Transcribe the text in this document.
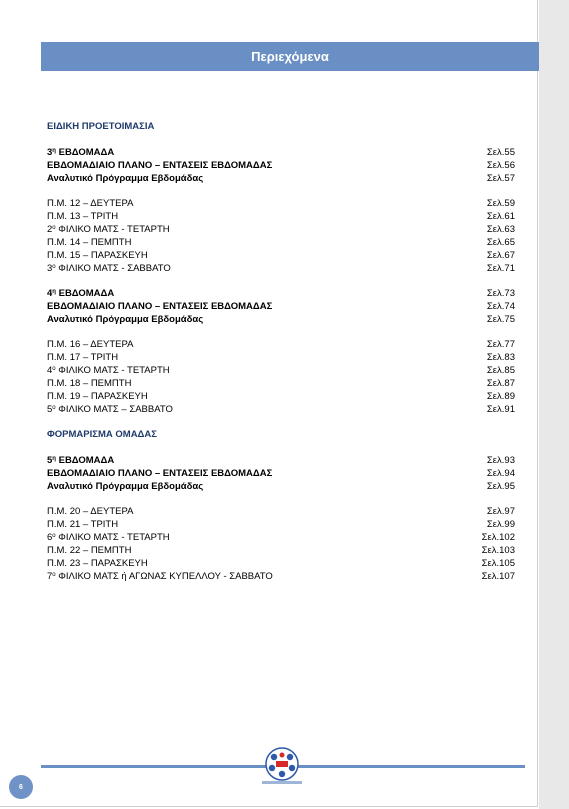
Περιεχόμενα
ΕΙΔΙΚΗ ΠΡΟΕΤΟΙΜΑΣΙΑ
$3^\eta$ ΕΒΔΟΜΑΔΑ	Σελ.55
ΕΒΔΟΜΑΔΙΑΙΟ ΠΛΑΝΟ – ΕΝΤΑΣΕΙΣ ΕΒΔΟΜΑΔΑΣ	Σελ.56
Αναλυτικό Πρόγραμμα Εβδομάδας	Σελ.57
Π.Μ. 12 – ΔΕΥΤΕΡΑ	Σελ.59
Π.Μ. 13 – ΤΡΙΤΗ	Σελ.61
$2^o$ ΦΙΛΙΚΟ ΜΑΤΣ - ΤΕΤΑΡΤΗ	Σελ.63
Π.Μ. 14 – ΠΕΜΠΤΗ	Σελ.65
Π.Μ. 15 – ΠΑΡΑΣΚΕΥΗ	Σελ.67
$3^o$ ΦΙΛΙΚΟ ΜΑΤΣ - ΣΑΒΒΑΤΟ	Σελ.71
$4^\eta$ ΕΒΔΟΜΑΔΑ	Σελ.73
ΕΒΔΟΜΑΔΙΑΙΟ ΠΛΑΝΟ – ΕΝΤΑΣΕΙΣ ΕΒΔΟΜΑΔΑΣ	Σελ.74
Αναλυτικό Πρόγραμμα Εβδομάδας	Σελ.75
Π.Μ. 16 – ΔΕΥΤΕΡΑ	Σελ.77
Π.Μ. 17 – ΤΡΙΤΗ	Σελ.83
$4^o$ ΦΙΛΙΚΟ ΜΑΤΣ - ΤΕΤΑΡΤΗ	Σελ.85
Π.Μ. 18 – ΠΕΜΠΤΗ	Σελ.87
Π.Μ. 19 – ΠΑΡΑΣΚΕΥΗ	Σελ.89
$5^o$ ΦΙΛΙΚΟ ΜΑΤΣ – ΣΑΒΒΑΤΟ	Σελ.91
ΦΟΡΜΑΡΙΣΜΑ ΟΜΑΔΑΣ
$5^\eta$ ΕΒΔΟΜΑΔΑ	Σελ.93
ΕΒΔΟΜΑΔΙΑΙΟ ΠΛΑΝΟ – ΕΝΤΑΣΕΙΣ ΕΒΔΟΜΑΔΑΣ	Σελ.94
Αναλυτικό Πρόγραμμα Εβδομάδας	Σελ.95
Π.Μ. 20 – ΔΕΥΤΕΡΑ	Σελ.97
Π.Μ. 21 – ΤΡΙΤΗ	Σελ.99
$6^o$ ΦΙΛΙΚΟ ΜΑΤΣ - ΤΕΤΑΡΤΗ	Σελ.102
Π.Μ. 22 – ΠΕΜΠΤΗ	Σελ.103
Π.Μ. 23 – ΠΑΡΑΣΚΕΥΗ	Σελ.105
$7^o$ ΦΙΛΙΚΟ ΜΑΤΣ ή ΑΓΩΝΑΣ ΚΥΠΕΛΛΟΥ - ΣΑΒΒΑΤΟ	Σελ.107
6
